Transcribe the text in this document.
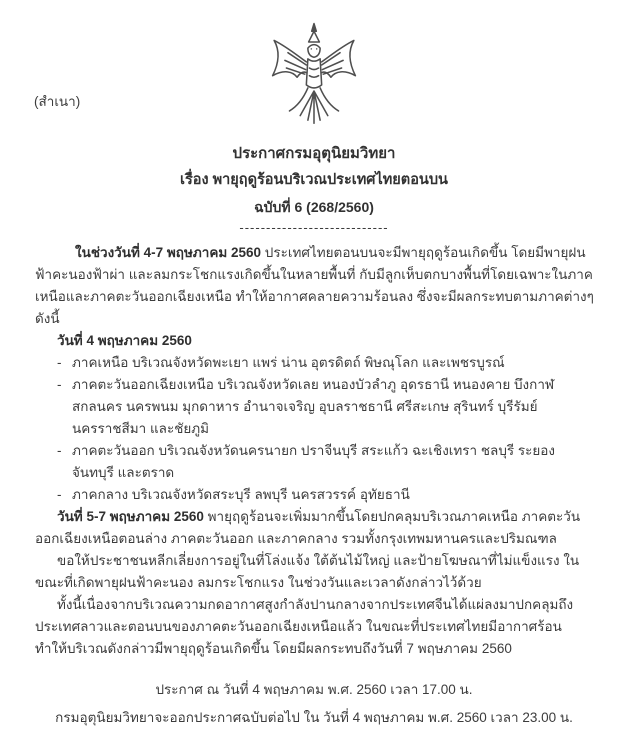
(สำเนา)
ประกาศกรมอุตุนิยมวิทยา
เรื่อง พายุฤดูร้อนบริเวณประเทศไทยตอนบน
ฉบับที่ 6 (268/2560)
----------------------------

ในช่วงวันที่ 4-7 พฤษภาคม 2560 ประเทศไทยตอนบนจะมีพายุฤดูร้อนเกิดขึ้น โดยมีพายุฝนฟ้าคะนองฟ้าผ่า และลมกระโชกแรงเกิดขึ้นในหลายพื้นที่ กับมีลูกเห็บตกบางพื้นที่โดยเฉพาะในภาคเหนือและภาคตะวันออกเฉียงเหนือ ทำให้อากาศคลายความร้อนลง ซึ่งจะมีผลกระทบตามภาคต่างๆ ดังนี้

วันที่ 4 พฤษภาคม 2560

- ภาคเหนือ บริเวณจังหวัดพะเยา แพร่ น่าน อุตรดิตถ์ พิษณุโลก และเพชรบูรณ์

- ภาคตะวันออกเฉียงเหนือ บริเวณจังหวัดเลย หนองบัวลำภู อุดรธานี หนองคาย บึงกาฬ สกลนคร นครพนม มุกดาหาร อำนาจเจริญ อุบลราชธานี ศรีสะเกษ สุรินทร์ บุรีรัมย์ นครราชสีมา และชัยภูมิ

- ภาคตะวันออก บริเวณจังหวัดนครนายก ปราจีนบุรี สระแก้ว ฉะเชิงเทรา ชลบุรี ระยอง จันทบุรี และตราด

- ภาคกลาง บริเวณจังหวัดสระบุรี ลพบุรี นครสวรรค์ อุทัยธานี

วันที่ 5-7 พฤษภาคม 2560 พายุฤดูร้อนจะเพิ่มมากขึ้นโดยปกคลุมบริเวณภาคเหนือ ภาคตะวันออกเฉียงเหนือตอนล่าง ภาคตะวันออก และภาคกลาง รวมทั้งกรุงเทพมหานครและปริมณฑล

ขอให้ประชาชนหลีกเลี่ยงการอยู่ในที่โล่งแจ้ง ใต้ต้นไม้ใหญ่ และป้ายโฆษณาที่ไม่แข็งแรง ในขณะที่เกิดพายุฝนฟ้าคะนอง ลมกระโชกแรง ในช่วงวันและเวลาดังกล่าวไว้ด้วย

ทั้งนี้เนื่องจากบริเวณความกดอากาศสูงกำลังปานกลางจากประเทศจีนได้แผ่ลงมาปกคลุมถึงประเทศลาวและตอนบนของภาคตะวันออกเฉียงเหนือแล้ว ในขณะที่ประเทศไทยมีอากาศร้อน ทำให้บริเวณดังกล่าวมีพายุฤดูร้อนเกิดขึ้น โดยมีผลกระทบถึงวันที่ 7 พฤษภาคม 2560

ประกาศ ณ วันที่ 4 พฤษภาคม พ.ศ. 2560 เวลา 17.00 น.
กรมอุตุนิยมวิทยาจะออกประกาศฉบับต่อไป ใน วันที่ 4 พฤษภาคม พ.ศ. 2560 เวลา 23.00 น.
